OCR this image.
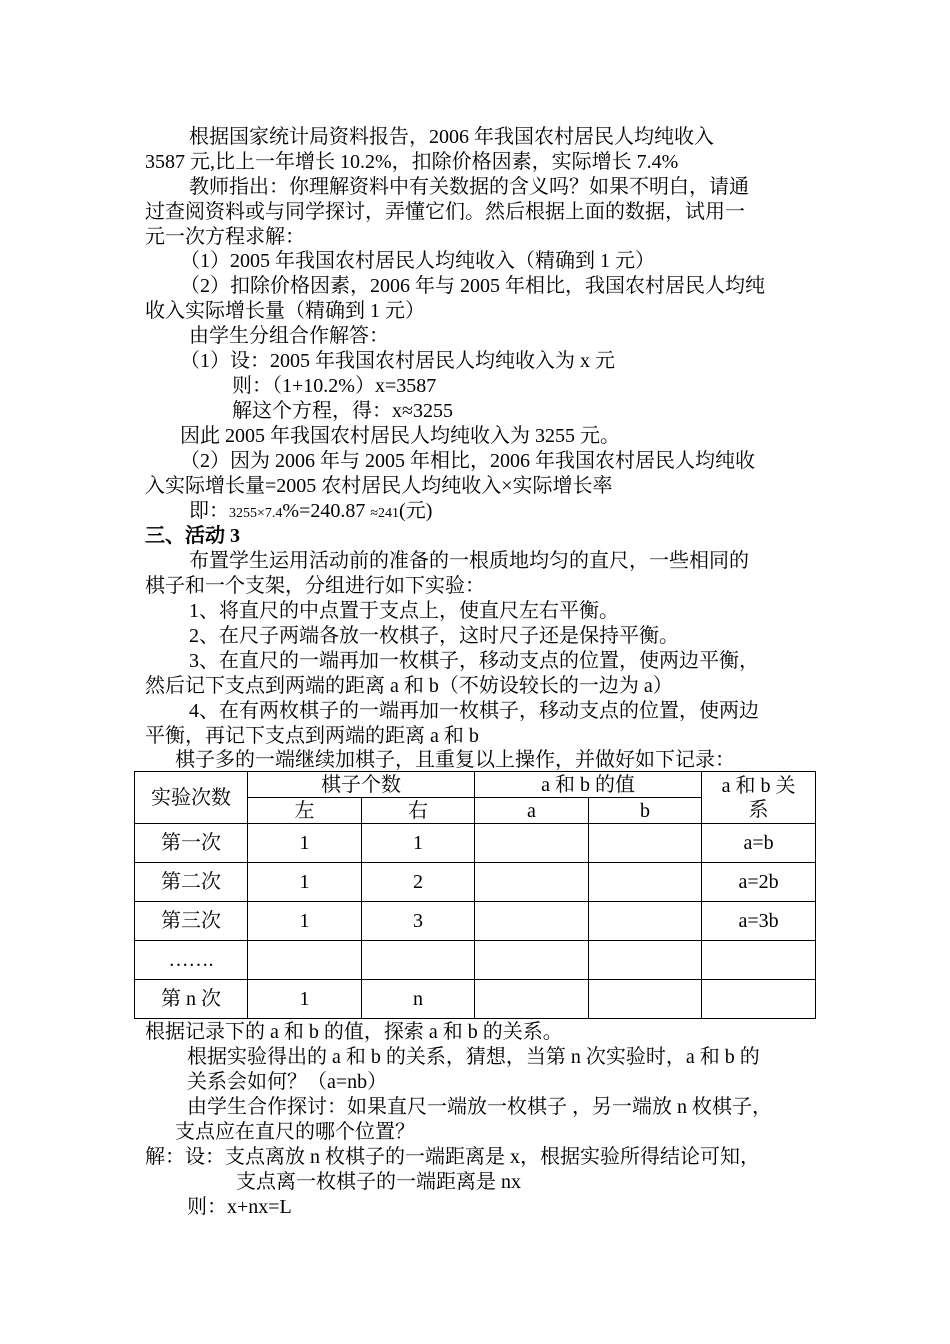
根据国家统计局资料报告，2006 年我国农村居民人均纯收入
3587 元,比上一年增长 10.2%，扣除价格因素，实际增长 7.4%
教师指出：你理解资料中有关数据的含义吗？如果不明白，请通
过查阅资料或与同学探讨，弄懂它们。然后根据上面的数据，试用一
元一次方程求解：
（1）2005 年我国农村居民人均纯收入（精确到 1 元）
（2）扣除价格因素，2006 年与 2005 年相比，我国农村居民人均纯
收入实际增长量（精确到 1 元）
由学生分组合作解答：
（1）设：2005 年我国农村居民人均纯收入为 x 元
则：（1+10.2%）x=3587
解这个方程，得：x≈3255
因此 2005 年我国农村居民人均纯收入为 3255 元。
（2）因为 2006 年与 2005 年相比，2006 年我国农村居民人均纯收
入实际增长量=2005 农村居民人均纯收入×实际增长率
即：3255×7.4%=240.87 ≈241(元)
三、活动 3
布置学生运用活动前的准备的一根质地均匀的直尺，一些相同的
棋子和一个支架，分组进行如下实验：
1、将直尺的中点置于支点上，使直尺左右平衡。
2、在尺子两端各放一枚棋子，这时尺子还是保持平衡。
3、在直尺的一端再加一枚棋子，移动支点的位置，使两边平衡，
然后记下支点到两端的距离 a 和 b（不妨设较长的一边为 a）
4、在有两枚棋子的一端再加一枚棋子，移动支点的位置，使两边
平衡，再记下支点到两端的距离 a 和 b
棋子多的一端继续加棋子，且重复以上操作，并做好如下记录：
实验次数	棋子个数		a 和 b 的值		a 和 b 关系
	左	右	a	b	
第一次	1	1			a=b
第二次	1	2			a=2b
第三次	1	3			a=3b
…….					
第 n 次	1	n			
根据记录下的 a 和 b 的值，探索 a 和 b 的关系。
根据实验得出的 a 和 b 的关系，猜想，当第 n 次实验时，a 和 b 的
关系会如何？（a=nb）
由学生合作探讨：如果直尺一端放一枚棋子 ，另一端放 n 枚棋子，
支点应在直尺的哪个位置？
解：设：支点离放 n 枚棋子的一端距离是 x，根据实验所得结论可知，
支点离一枚棋子的一端距离是 nx
则：x+nx=L
